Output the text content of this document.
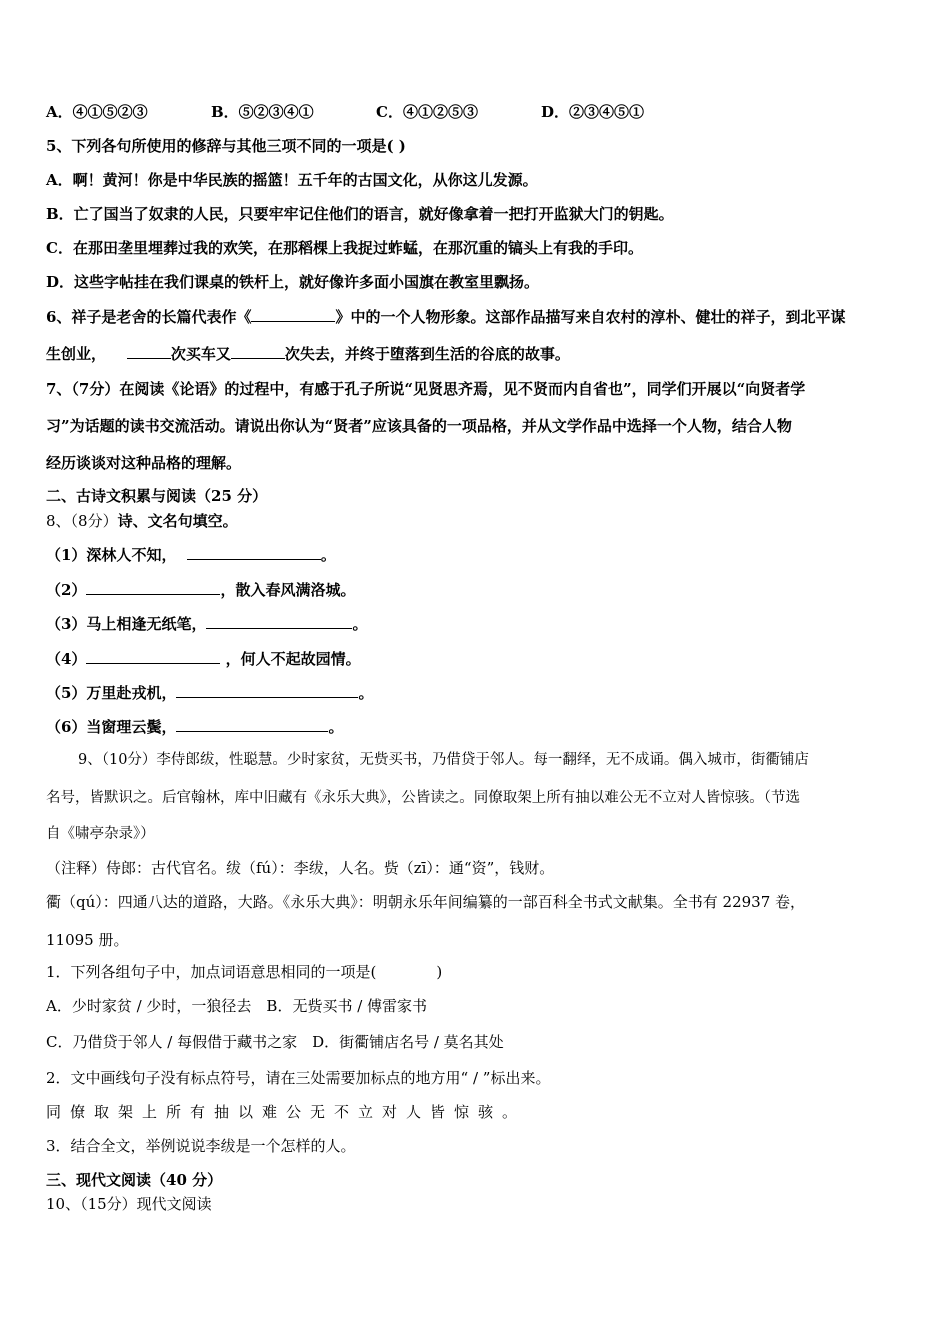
A．④①⑤②③	B．⑤②③④①	C．④①②⑤③	D．②③④⑤①
5、下列各句所使用的修辞与其他三项不同的一项是( )
A．啊！黄河！你是中华民族的摇篮！五千年的古国文化，从你这儿发源。
B．亡了国当了奴隶的人民，只要牢牢记住他们的语言，就好像拿着一把打开监狱大门的钥匙。
C．在那田垄里埋葬过我的欢笑，在那稻棵上我捉过蚱蜢，在那沉重的镐头上有我的手印。
D．这些字帖挂在我们课桌的铁杆上，就好像许多面小国旗在教室里飘扬。
6、祥子是老舍的长篇代表作《	》中的一个人物形象。这部作品描写来自农村的淳朴、健壮的祥子，到北平谋
生创业，	次买车又	次失去，并终于堕落到生活的谷底的故事。
7、（7分）在阅读《论语》的过程中，有感于孔子所说“见贤思齐焉，见不贤而内自省也”，同学们开展以“向贤者学
习”为话题的读书交流活动。请说出你认为“贤者”应该具备的一项品格，并从文学作品中选择一个人物，结合人物
经历谈谈对这种品格的理解。
二、古诗文积累与阅读（25 分）
8、（8分）诗、文名句填空。
（1）深林人不知，	。
（2）	，散入春风满洛城。
（3）马上相逢无纸笔，	。
（4）	，何人不起故园情。
（5）万里赴戎机，	。
（6）当窗理云鬓，	。
9、（10分）李侍郎绂，性聪慧。少时家贫，无赀买书，乃借贷于邻人。每一翻绎，无不成诵。偶入城市，街衢铺店
名号，皆默识之。后官翰林，库中旧藏有《永乐大典》，公皆读之。同僚取架上所有抽以难公无不立对人皆惊骇。（节选
自《啸亭杂录》）
（注释）侍郎：古代官名。绂（fú）：李绂，人名。赀（zī）：通“资”，钱财。
衢（qú）：四通八达的道路，大路。《永乐大典》：明朝永乐年间编纂的一部百科全书式文献集。全书有 22937 卷，
11095 册。
1．下列各组句子中，加点词语意思相同的一项是(　　　　)
A．少时家贫 / 少时，一狼径去　B．无赀买书 / 傅雷家书
C．乃借贷于邻人 / 每假借于藏书之家　D．街衢铺店名号 / 莫名其处
2．文中画线句子没有标点符号，请在三处需要加标点的地方用“ / ”标出来。
同僚取架上所有抽以难公无不立对人皆惊骇。
3．结合全文，举例说说李绂是一个怎样的人。
三、现代文阅读（40 分）
10、（15分）现代文阅读
